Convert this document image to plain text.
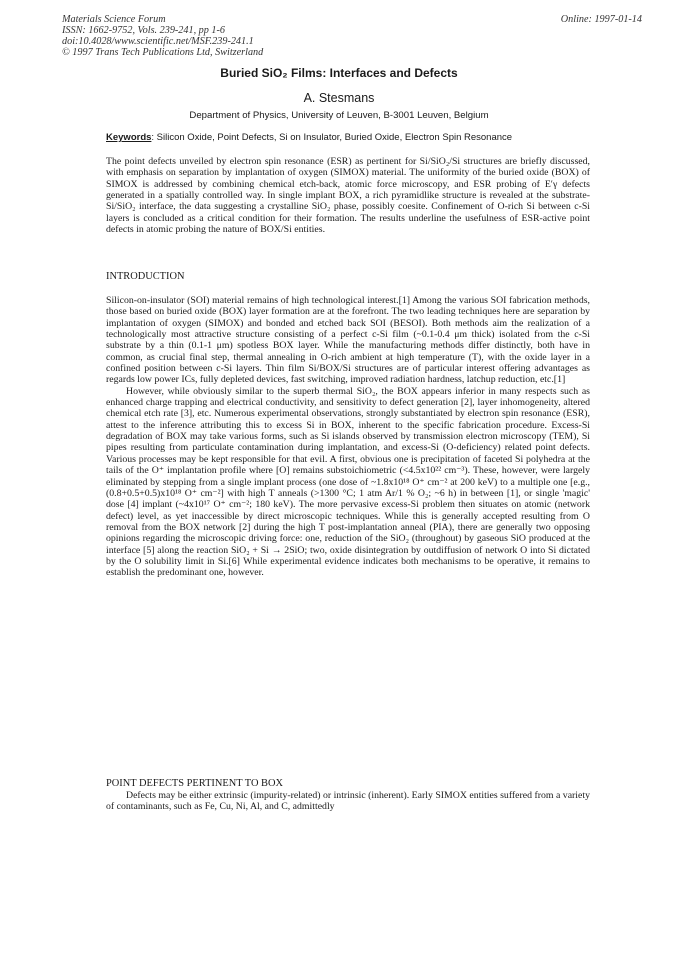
Materials Science Forum
ISSN: 1662-9752, Vols. 239-241, pp 1-6
doi:10.4028/www.scientific.net/MSF.239-241.1
© 1997 Trans Tech Publications Ltd, Switzerland
Online: 1997-01-14
Buried SiO₂ Films: Interfaces and Defects
A. Stesmans
Department of Physics, University of Leuven, B-3001 Leuven, Belgium
Keywords: Silicon Oxide, Point Defects, Si on Insulator, Buried Oxide, Electron Spin Resonance

The point defects unveiled by electron spin resonance (ESR) as pertinent for Si/SiO₂/Si structures are briefly discussed, with emphasis on separation by implantation of oxygen (SIMOX) material. The uniformity of the buried oxide (BOX) of SIMOX is addressed by combining chemical etch-back, atomic force microscopy, and ESR probing of E′γ defects generated in a spatially controlled way. In single implant BOX, a rich pyramidlike structure is revealed at the substrate-Si/SiO₂ interface, the data suggesting a crystalline SiO₂ phase, possibly coesite. Confinement of O-rich Si between c-Si layers is concluded as a critical condition for their formation. The results underline the usefulness of ESR-active point defects in atomic probing the nature of BOX/Si entities.

INTRODUCTION

Silicon-on-insulator (SOI) material remains of high technological interest.[1] Among the various SOI fabrication methods, those based on buried oxide (BOX) layer formation are at the forefront. The two leading techniques here are separation by implantation of oxygen (SIMOX) and bonded and etched back SOI (BESOI). Both methods aim the realization of a technologically most attractive structure consisting of a perfect c-Si film (~0.1-0.4 μm thick) isolated from the c-Si substrate by a thin (0.1-1 μm) spotless BOX layer. While the manufacturing methods differ distinctly, both have in common, as crucial final step, thermal annealing in O-rich ambient at high temperature (T), with the oxide layer in a confined position between c-Si layers. Thin film Si/BOX/Si structures are of particular interest offering advantages as regards low power ICs, fully depleted devices, fast switching, improved radiation hardness, latchup reduction, etc.[1]

However, while obviously similar to the superb thermal SiO₂, the BOX appears inferior in many respects such as enhanced charge trapping and electrical conductivity, and sensitivity to defect generation [2], layer inhomogeneity, altered chemical etch rate [3], etc. Numerous experimental observations, strongly substantiated by electron spin resonance (ESR), attest to the inference attributing this to excess Si in BOX, inherent to the specific fabrication procedure. Excess-Si degradation of BOX may take various forms, such as Si islands observed by transmission electron microscopy (TEM), Si pipes resulting from particulate contamination during implantation, and excess-Si (O-deficiency) related point defects. Various processes may be kept responsible for that evil. A first, obvious one is precipitation of faceted Si polyhedra at the tails of the O⁺ implantation profile where [O] remains substoichiometric (<4.5x10²² cm⁻³). These, however, were largely eliminated by stepping from a single implant process (one dose of ~1.8x10¹⁸ O⁺ cm⁻² at 200 keV) to a multiple one [e.g., (0.8+0.5+0.5)x10¹⁸ O⁺ cm⁻²] with high T anneals (>1300 °C; 1 atm Ar/1 % O₂; ~6 h) in between [1], or single 'magic' dose [4] implant (~4x10¹⁷ O⁺ cm⁻²; 180 keV). The more pervasive excess-Si problem then situates on atomic (network defect) level, as yet inaccessible by direct microscopic techniques. While this is generally accepted resulting from O removal from the BOX network [2] during the high T post-implantation anneal (PIA), there are generally two opposing opinions regarding the microscopic driving force: one, reduction of the SiO₂ (throughout) by gaseous SiO produced at the interface [5] along the reaction SiO₂ + Si → 2SiO; two, oxide disintegration by outdiffusion of network O into Si dictated by the O solubility limit in Si.[6] While experimental evidence indicates both mechanisms to be operative, it remains to establish the predominant one, however.

POINT DEFECTS PERTINENT TO BOX

Defects may be either extrinsic (impurity-related) or intrinsic (inherent). Early SIMOX entities suffered from a variety of contaminants, such as Fe, Cu, Ni, Al, and C, admittedly
